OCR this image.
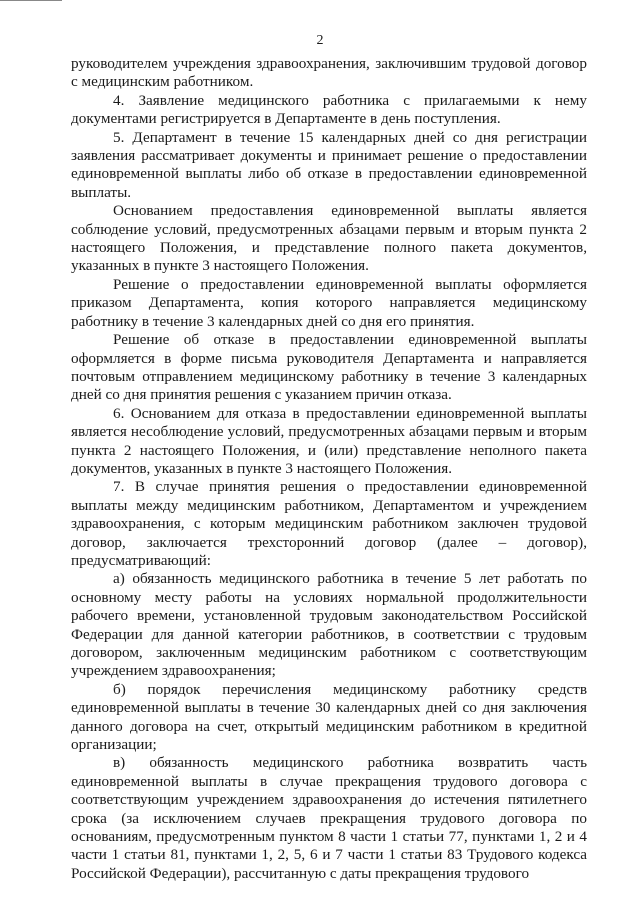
2

руководителем учреждения здравоохранения, заключившим трудовой договор с медицинским работником.

4. Заявление медицинского работника с прилагаемыми к нему документами регистрируется в Департаменте в день поступления.

5. Департамент в течение 15 календарных дней со дня регистрации заявления рассматривает документы и принимает решение о предоставлении единовременной выплаты либо об отказе в предоставлении единовременной выплаты.

Основанием предоставления единовременной выплаты является соблюдение условий, предусмотренных абзацами первым и вторым пункта 2 настоящего Положения, и представление полного пакета документов, указанных в пункте 3 настоящего Положения.

Решение о предоставлении единовременной выплаты оформляется приказом Департамента, копия которого направляется медицинскому работнику в течение 3 календарных дней со дня его принятия.

Решение об отказе в предоставлении единовременной выплаты оформляется в форме письма руководителя Департамента и направляется почтовым отправлением медицинскому работнику в течение 3 календарных дней со дня принятия решения с указанием причин отказа.

6. Основанием для отказа в предоставлении единовременной выплаты является несоблюдение условий, предусмотренных абзацами первым и вторым пункта 2 настоящего Положения, и (или) представление неполного пакета документов, указанных в пункте 3 настоящего Положения.

7. В случае принятия решения о предоставлении единовременной выплаты между медицинским работником, Департаментом и учреждением здравоохранения, с которым медицинским работником заключен трудовой договор, заключается трехсторонний договор (далее – договор), предусматривающий:

а) обязанность медицинского работника в течение 5 лет работать по основному месту работы на условиях нормальной продолжительности рабочего времени, установленной трудовым законодательством Российской Федерации для данной категории работников, в соответствии с трудовым договором, заключенным медицинским работником с соответствующим учреждением здравоохранения;

б) порядок перечисления медицинскому работнику средств единовременной выплаты в течение 30 календарных дней со дня заключения данного договора на счет, открытый медицинским работником в кредитной организации;

в) обязанность медицинского работника возвратить часть единовременной выплаты в случае прекращения трудового договора с соответствующим учреждением здравоохранения до истечения пятилетнего срока (за исключением случаев прекращения трудового договора по основаниям, предусмотренным пунктом 8 части 1 статьи 77, пунктами 1, 2 и 4 части 1 статьи 81, пунктами 1, 2, 5, 6 и 7 части 1 статьи 83 Трудового кодекса Российской Федерации), рассчитанную с даты прекращения трудового
